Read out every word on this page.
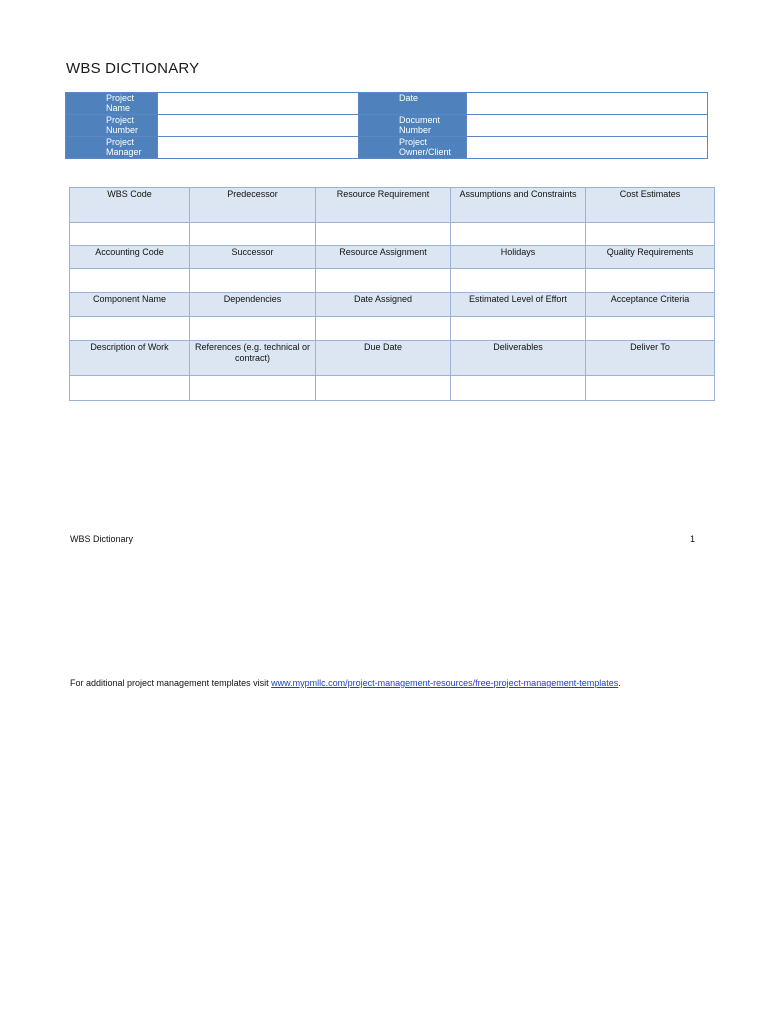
WBS DICTIONARY
Project Name		Date	

Project Number		Document Number	

Project Manager		Project Owner/Client	

WBS Code	Predecessor	Resource Requirement	Assumptions and Constraints	Cost Estimates

Accounting Code	Successor	Resource Assignment	Holidays	Quality Requirements

Component Name	Dependencies	Date Assigned	Estimated Level of Effort	Acceptance Criteria

Description of Work	References (e.g. technical or contract)	Due Date	Deliverables	Deliver To

WBS Dictionary	1
For additional project management templates visit www.mypmllc.com/project-management-resources/free-project-management-templates.
